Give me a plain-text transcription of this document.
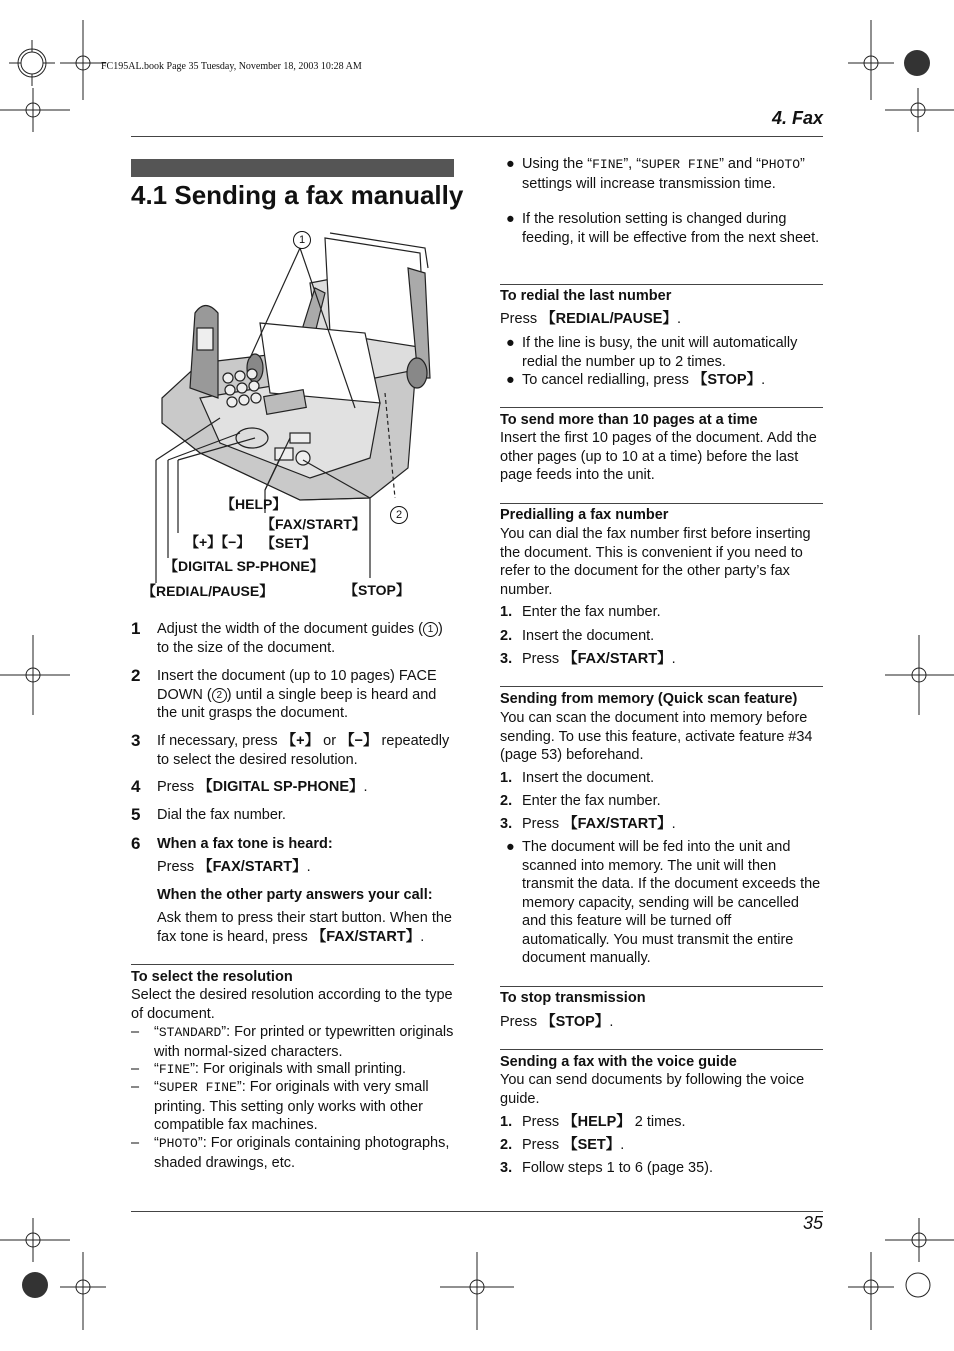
FC195AL.book Page 35 Tuesday, November 18, 2003 10:28 AM
4. Fax
4.1 Sending a fax manually
1
2
【HELP】
【FAX/START】
【SET】
【+】【−】
【DIGITAL SP-PHONE】
【REDIAL/PAUSE】	【STOP】
1 Adjust the width of the document guides ( 1 ) to the size of the document.
2 Insert the document (up to 10 pages) FACE DOWN ( 2 ) until a single beep is heard and the unit grasps the document.
3 If necessary, press 【+】 or 【−】 repeatedly to select the desired resolution.
4 Press 【DIGITAL SP-PHONE】.
5 Dial the fax number.
6 When a fax tone is heard:
Press 【FAX/START】.
When the other party answers your call:
Ask them to press their start button. When the fax tone is heard, press 【FAX/START】.
To select the resolution
Select the desired resolution according to the type of document.
– “STANDARD”: For printed or typewritten originals with normal-sized characters.
– “FINE”: For originals with small printing.
– “SUPER FINE”: For originals with very small printing. This setting only works with other compatible fax machines.
– “PHOTO”: For originals containing photographs, shaded drawings, etc.
● Using the “FINE”, “SUPER FINE” and “PHOTO” settings will increase transmission time.
● If the resolution setting is changed during feeding, it will be effective from the next sheet.
To redial the last number
Press 【REDIAL/PAUSE】.
● If the line is busy, the unit will automatically redial the number up to 2 times.
● To cancel redialling, press 【STOP】.
To send more than 10 pages at a time
Insert the first 10 pages of the document. Add the other pages (up to 10 at a time) before the last page feeds into the unit.
Predialling a fax number
You can dial the fax number first before inserting the document. This is convenient if you need to refer to the document for the other party’s fax number.
1. Enter the fax number.
2. Insert the document.
3. Press 【FAX/START】.
Sending from memory (Quick scan feature)
You can scan the document into memory before sending. To use this feature, activate feature #34 (page 53) beforehand.
1. Insert the document.
2. Enter the fax number.
3. Press 【FAX/START】.
● The document will be fed into the unit and scanned into memory. The unit will then transmit the data. If the document exceeds the memory capacity, sending will be cancelled and this feature will be turned off automatically. You must transmit the entire document manually.
To stop transmission
Press 【STOP】.
Sending a fax with the voice guide
You can send documents by following the voice guide.
1. Press 【HELP】 2 times.
2. Press 【SET】.
3. Follow steps 1 to 6 (page 35).
35
